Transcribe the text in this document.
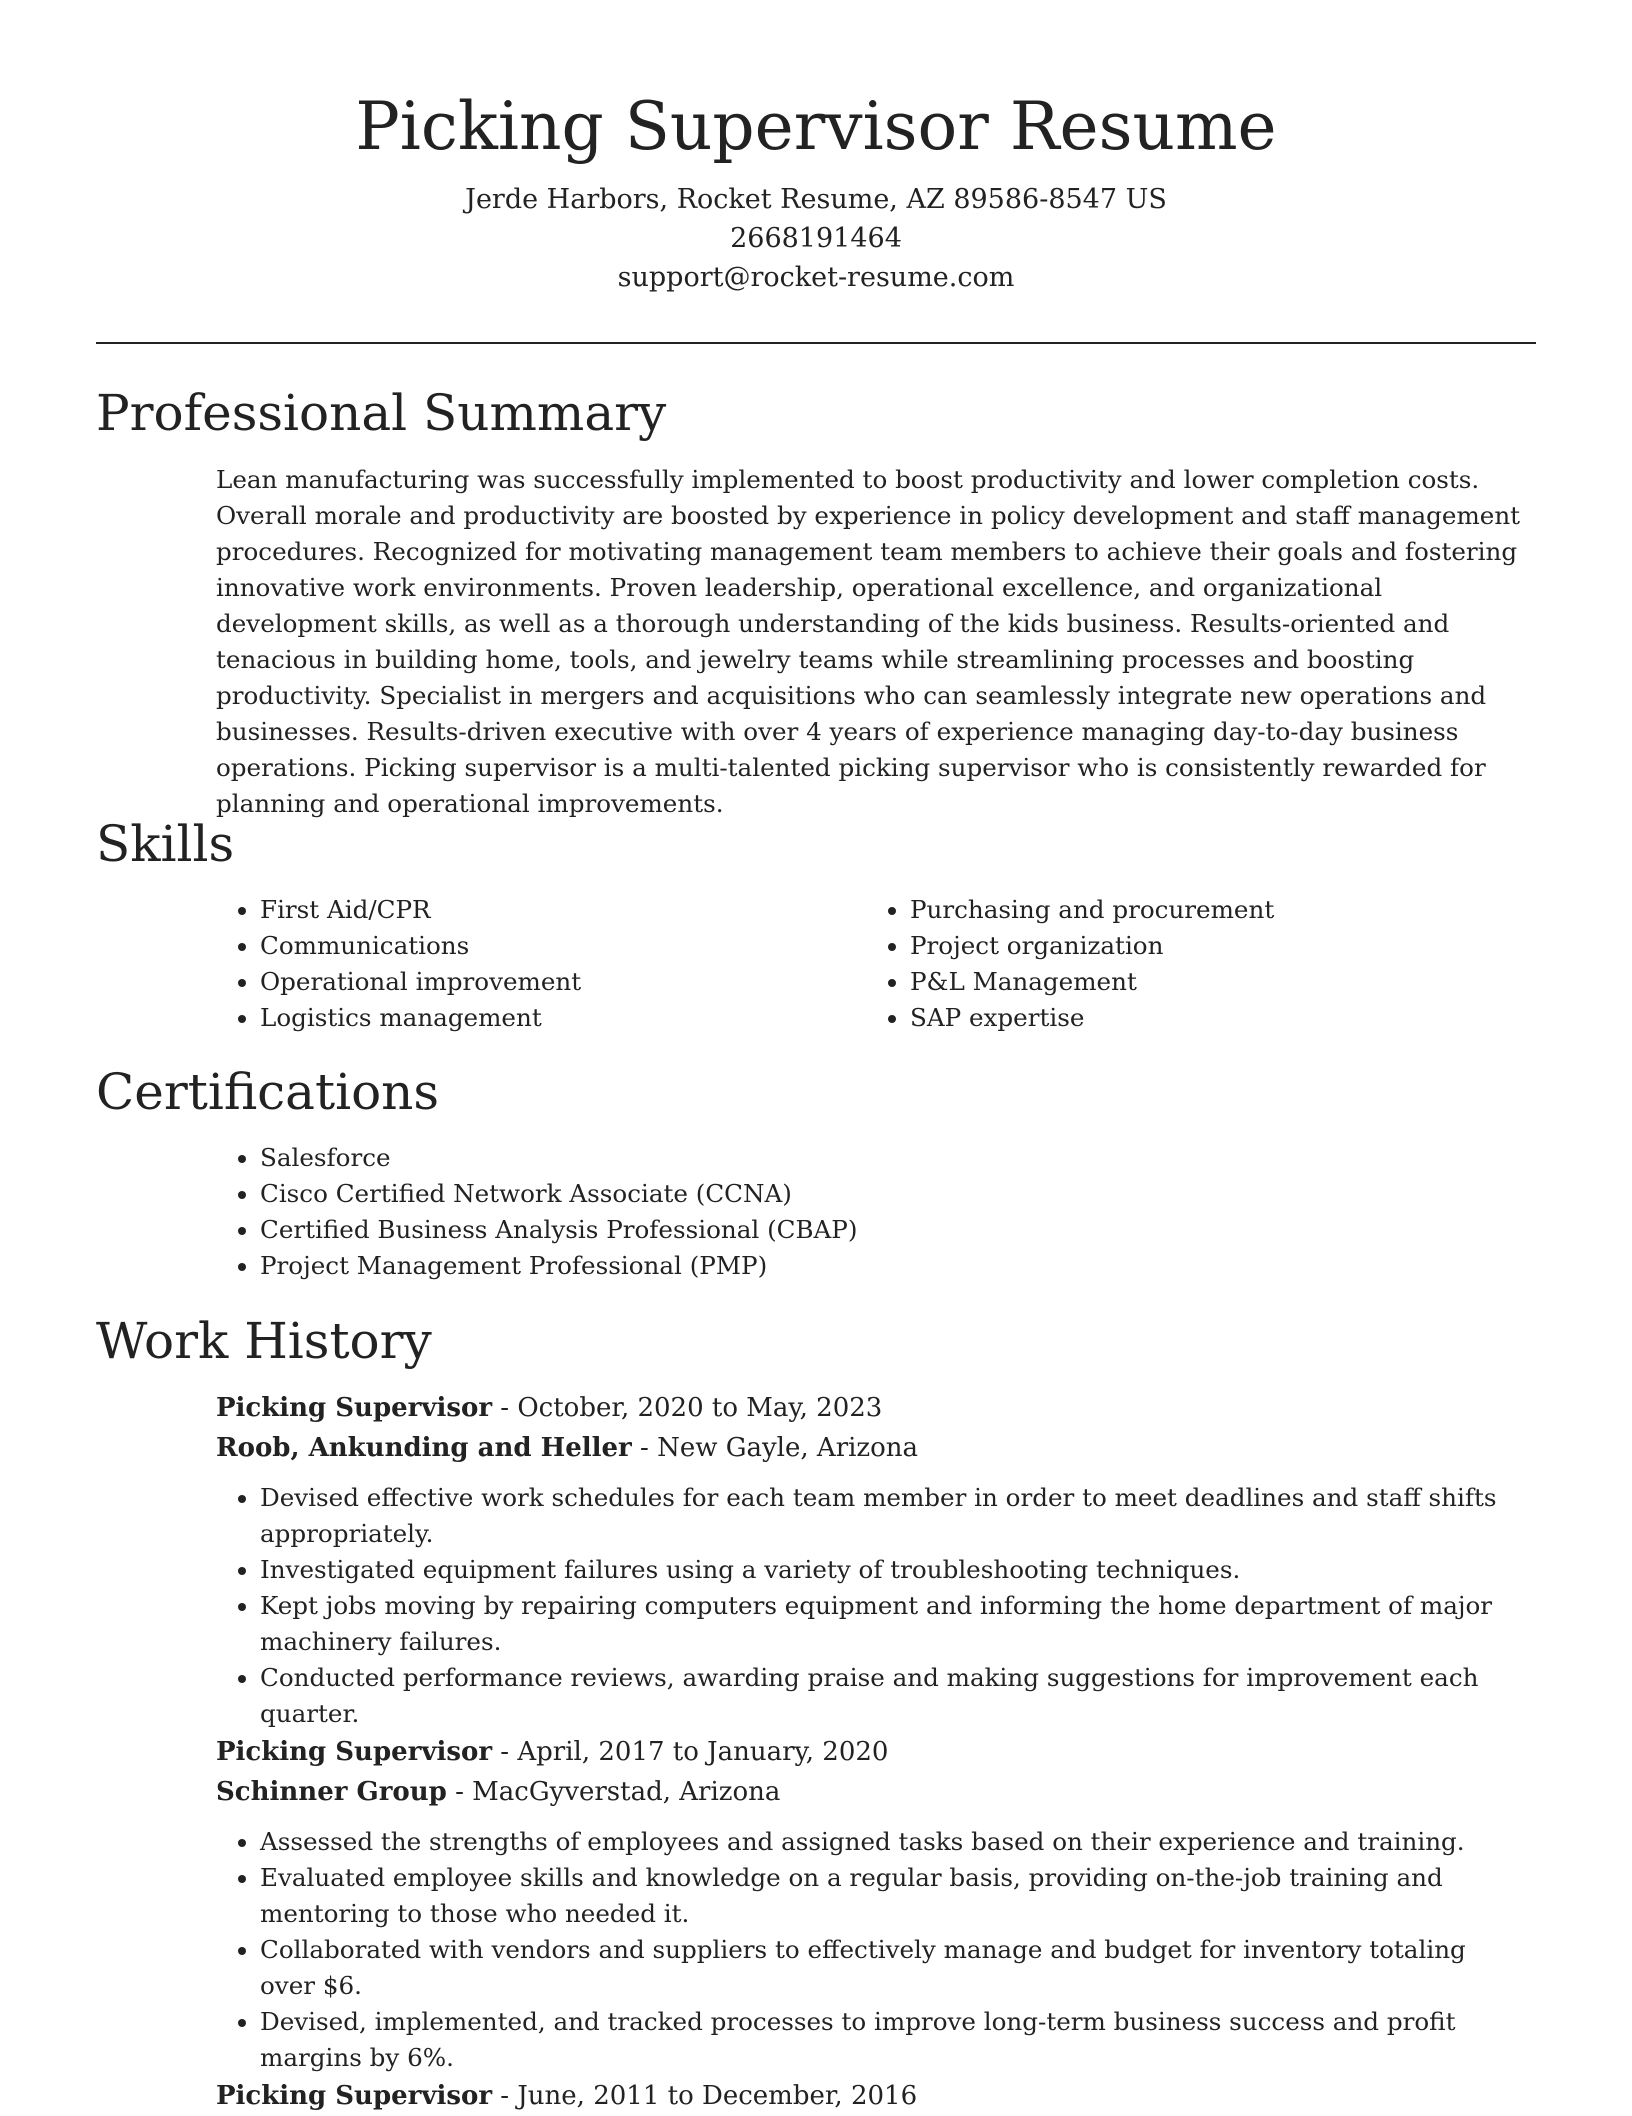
Picking Supervisor Resume
Jerde Harbors, Rocket Resume, AZ 89586-8547 US
2668191464
support@rocket-resume.com
Professional Summary
Lean manufacturing was successfully implemented to boost productivity and lower completion costs. Overall morale and productivity are boosted by experience in policy development and staff management procedures. Recognized for motivating management team members to achieve their goals and fostering innovative work environments. Proven leadership, operational excellence, and organizational development skills, as well as a thorough understanding of the kids business. Results-oriented and tenacious in building home, tools, and jewelry teams while streamlining processes and boosting productivity. Specialist in mergers and acquisitions who can seamlessly integrate new operations and businesses. Results-driven executive with over 4 years of experience managing day-to-day business operations. Picking supervisor is a multi-talented picking supervisor who is consistently rewarded for planning and operational improvements.
Skills
• First Aid/CPR
• Communications
• Operational improvement
• Logistics management
• Purchasing and procurement
• Project organization
• P&L Management
• SAP expertise
Certifications
• Salesforce
• Cisco Certified Network Associate (CCNA)
• Certified Business Analysis Professional (CBAP)
• Project Management Professional (PMP)
Work History
Picking Supervisor - October, 2020 to May, 2023
Roob, Ankunding and Heller - New Gayle, Arizona
• Devised effective work schedules for each team member in order to meet deadlines and staff shifts appropriately.
• Investigated equipment failures using a variety of troubleshooting techniques.
• Kept jobs moving by repairing computers equipment and informing the home department of major machinery failures.
• Conducted performance reviews, awarding praise and making suggestions for improvement each quarter.
Picking Supervisor - April, 2017 to January, 2020
Schinner Group - MacGyverstad, Arizona
• Assessed the strengths of employees and assigned tasks based on their experience and training.
• Evaluated employee skills and knowledge on a regular basis, providing on-the-job training and mentoring to those who needed it.
• Collaborated with vendors and suppliers to effectively manage and budget for inventory totaling over $6.
• Devised, implemented, and tracked processes to improve long-term business success and profit margins by 6%.
Picking Supervisor - June, 2011 to December, 2016
